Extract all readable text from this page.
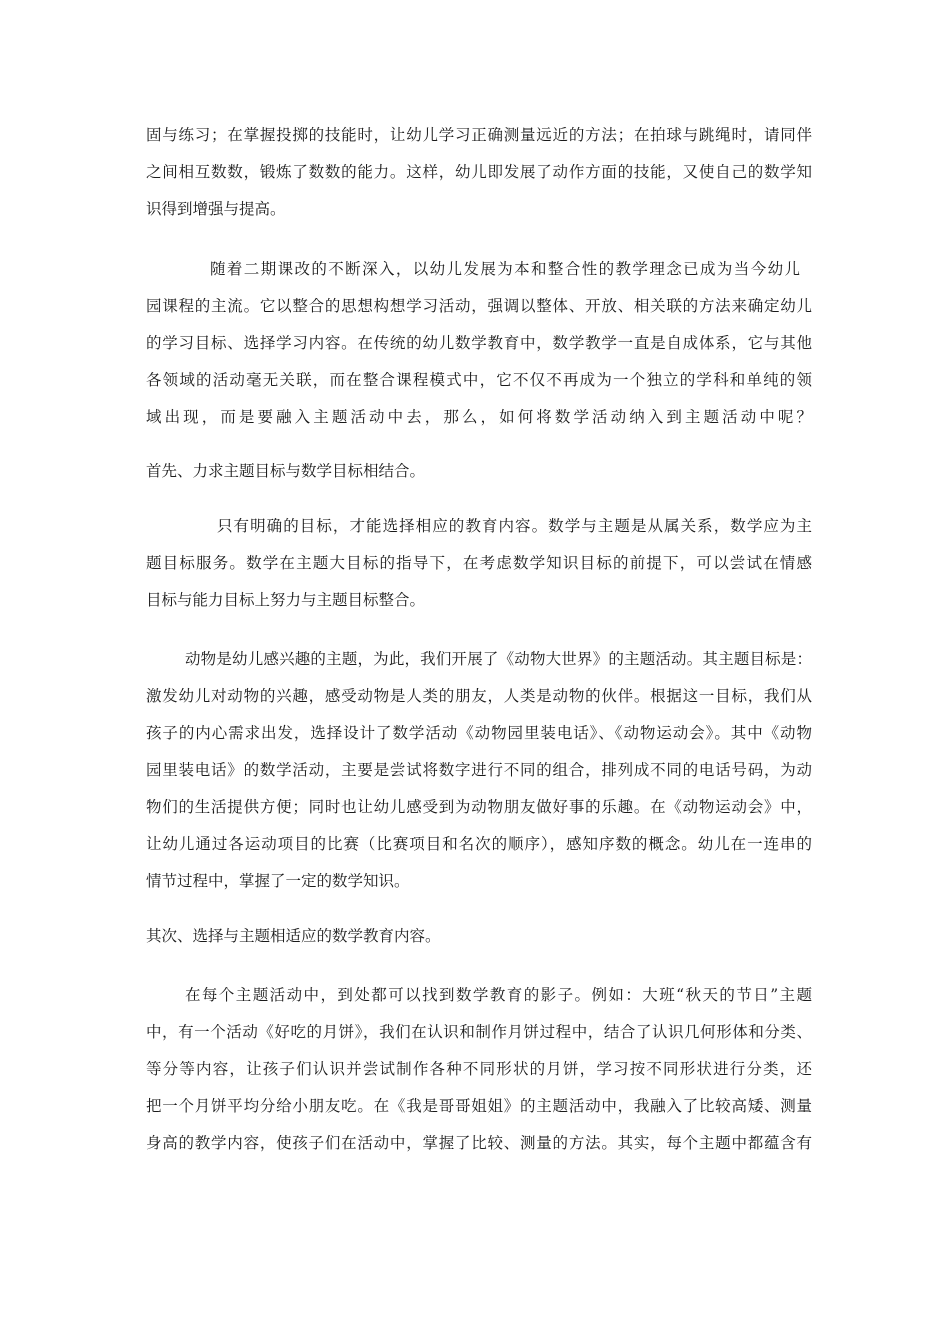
固与练习；在掌握投掷的技能时，让幼儿学习正确测量远近的方法；在拍球与跳绳时，请同伴
之间相互数数，锻炼了数数的能力。这样，幼儿即发展了动作方面的技能，又使自己的数学知
识得到增强与提高。
随着二期课改的不断深入，以幼儿发展为本和整合性的教学理念已成为当今幼儿
园课程的主流。它以整合的思想构想学习活动，强调以整体、开放、相关联的方法来确定幼儿
的学习目标、选择学习内容。在传统的幼儿数学教育中，数学教学一直是自成体系，它与其他
各领域的活动毫无关联，而在整合课程模式中，它不仅不再成为一个独立的学科和单纯的领
域出现，而是要融入主题活动中去，那么，如何将数学活动纳入到主题活动中呢？
首先、力求主题目标与数学目标相结合。
只有明确的目标，才能选择相应的教育内容。数学与主题是从属关系，数学应为主
题目标服务。数学在主题大目标的指导下，在考虑数学知识目标的前提下，可以尝试在情感
目标与能力目标上努力与主题目标整合。
动物是幼儿感兴趣的主题，为此，我们开展了《动物大世界》的主题活动。其主题目标是：
激发幼儿对动物的兴趣，感受动物是人类的朋友，人类是动物的伙伴。根据这一目标，我们从
孩子的内心需求出发，选择设计了数学活动《动物园里装电话》、《动物运动会》。其中《动物
园里装电话》的数学活动，主要是尝试将数字进行不同的组合，排列成不同的电话号码，为动
物们的生活提供方便；同时也让幼儿感受到为动物朋友做好事的乐趣。在《动物运动会》中，
让幼儿通过各运动项目的比赛（比赛项目和名次的顺序），感知序数的概念。幼儿在一连串的
情节过程中，掌握了一定的数学知识。
其次、选择与主题相适应的数学教育内容。
在每个主题活动中，到处都可以找到数学教育的影子。例如：大班“秋天的节日”主题
中，有一个活动《好吃的月饼》，我们在认识和制作月饼过程中，结合了认识几何形体和分类、
等分等内容，让孩子们认识并尝试制作各种不同形状的月饼，学习按不同形状进行分类，还
把一个月饼平均分给小朋友吃。在《我是哥哥姐姐》的主题活动中，我融入了比较高矮、测量
身高的教学内容，使孩子们在活动中，掌握了比较、测量的方法。其实，每个主题中都蕴含有
